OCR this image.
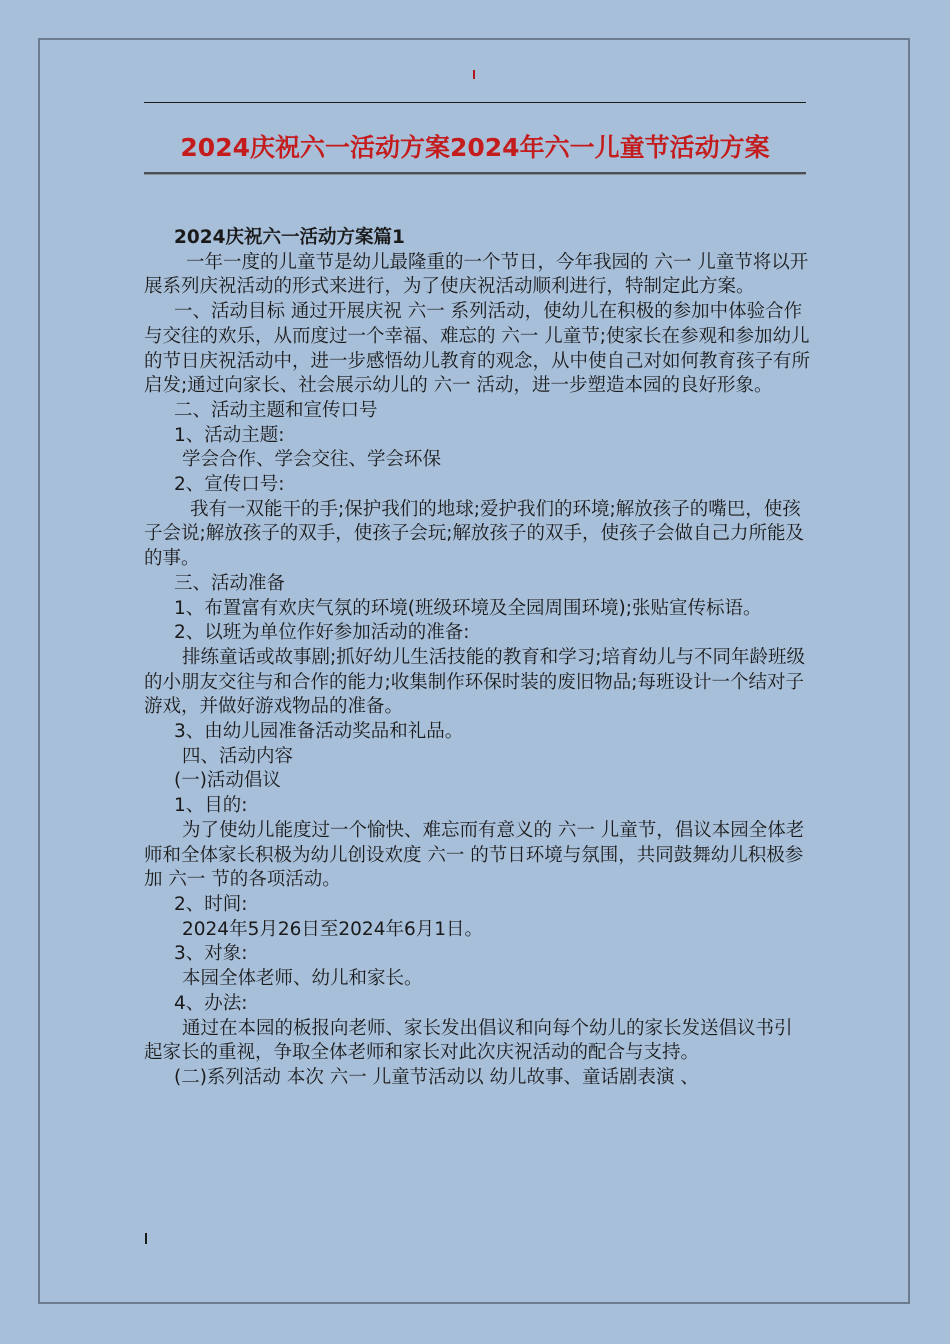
2024庆祝六一活动方案2024年六一儿童节活动方案

2024庆祝六一活动方案篇1

一年一度的儿童节是幼儿最隆重的一个节日，今年我园的 六一 儿童节将以开展系列庆祝活动的形式来进行，为了使庆祝活动顺利进行，特制定此方案。

一、活动目标 通过开展庆祝 六一 系列活动，使幼儿在积极的参加中体验合作与交往的欢乐，从而度过一个幸福、难忘的 六一 儿童节;使家长在参观和参加幼儿的节日庆祝活动中，进一步感悟幼儿教育的观念，从中使自己对如何教育孩子有所启发;通过向家长、社会展示幼儿的 六一 活动，进一步塑造本园的良好形象。

二、活动主题和宣传口号

1、活动主题:

学会合作、学会交往、学会环保

2、宣传口号:

我有一双能干的手;保护我们的地球;爱护我们的环境;解放孩子的嘴巴，使孩子会说;解放孩子的双手，使孩子会玩;解放孩子的双手，使孩子会做自己力所能及的事。

三、活动准备

1、布置富有欢庆气氛的环境(班级环境及全园周围环境);张贴宣传标语。

2、以班为单位作好参加活动的准备:

排练童话或故事剧;抓好幼儿生活技能的教育和学习;培育幼儿与不同年龄班级的小朋友交往与和合作的能力;收集制作环保时装的废旧物品;每班设计一个结对子游戏，并做好游戏物品的准备。

3、由幼儿园准备活动奖品和礼品。

四、活动内容

(一)活动倡议

1、目的:

为了使幼儿能度过一个愉快、难忘而有意义的 六一 儿童节，倡议本园全体老师和全体家长积极为幼儿创设欢度 六一 的节日环境与氛围，共同鼓舞幼儿积极参加 六一 节的各项活动。

2、时间:

2024年5月26日至2024年6月1日。

3、对象:

本园全体老师、幼儿和家长。

4、办法:

通过在本园的板报向老师、家长发出倡议和向每个幼儿的家长发送倡议书引起家长的重视，争取全体老师和家长对此次庆祝活动的配合与支持。

(二)系列活动 本次 六一 儿童节活动以 幼儿故事、童话剧表演 、
